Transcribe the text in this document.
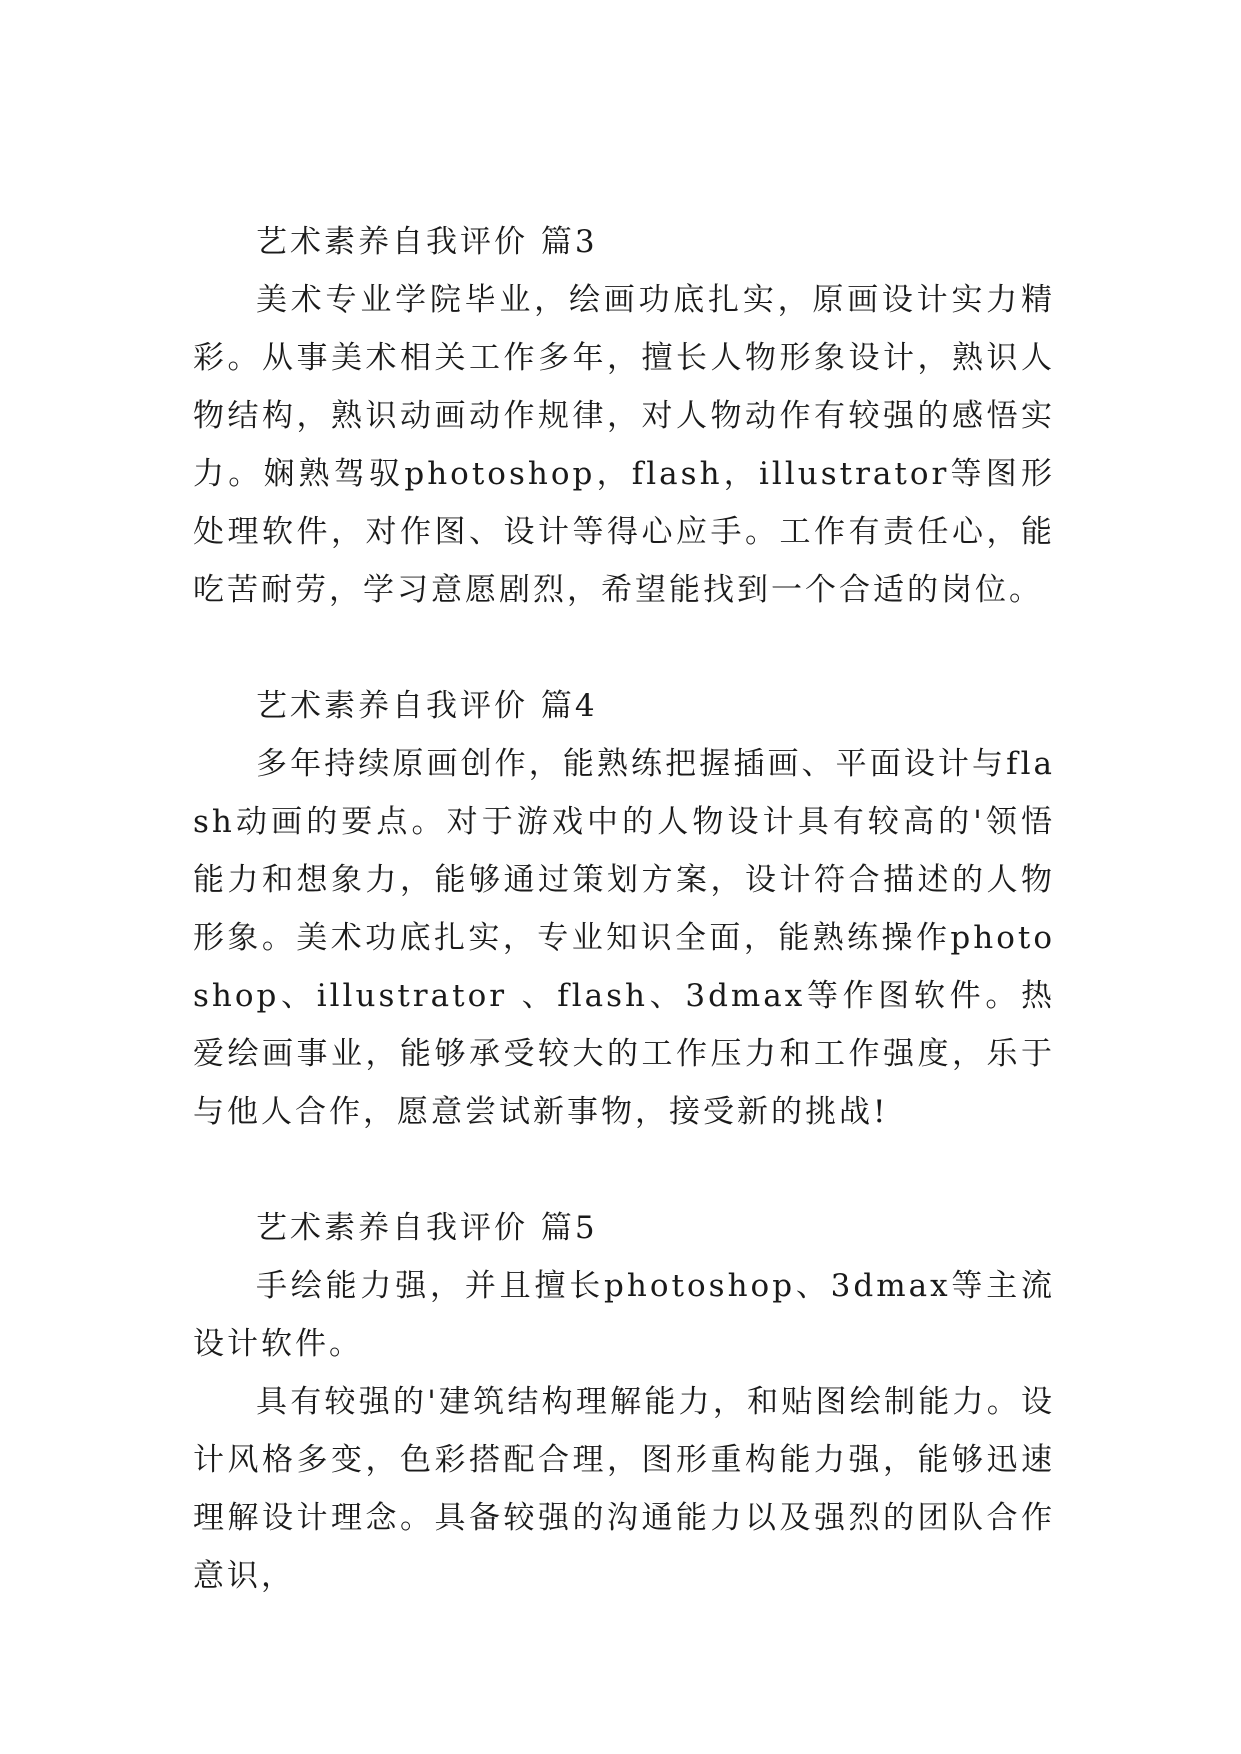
艺术素养自我评价 篇3

美术专业学院毕业，绘画功底扎实，原画设计实力精彩。从事美术相关工作多年，擅长人物形象设计，熟识人物结构，熟识动画动作规律，对人物动作有较强的感悟实力。娴熟驾驭photoshop，flash，illustrator等图形处理软件，对作图、设计等得心应手。工作有责任心，能吃苦耐劳，学习意愿剧烈，希望能找到一个合适的岗位。

艺术素养自我评价 篇4

多年持续原画创作，能熟练把握插画、平面设计与flash动画的要点。对于游戏中的人物设计具有较高的'领悟能力和想象力，能够通过策划方案，设计符合描述的人物形象。美术功底扎实，专业知识全面，能熟练操作photoshop、illustrator 、flash、3dmax等作图软件。热爱绘画事业，能够承受较大的工作压力和工作强度，乐于与他人合作，愿意尝试新事物，接受新的挑战!

艺术素养自我评价 篇5

手绘能力强，并且擅长photoshop、3dmax等主流设计软件。

具有较强的'建筑结构理解能力，和贴图绘制能力。设计风格多变，色彩搭配合理，图形重构能力强，能够迅速理解设计理念。具备较强的沟通能力以及强烈的团队合作意识，
